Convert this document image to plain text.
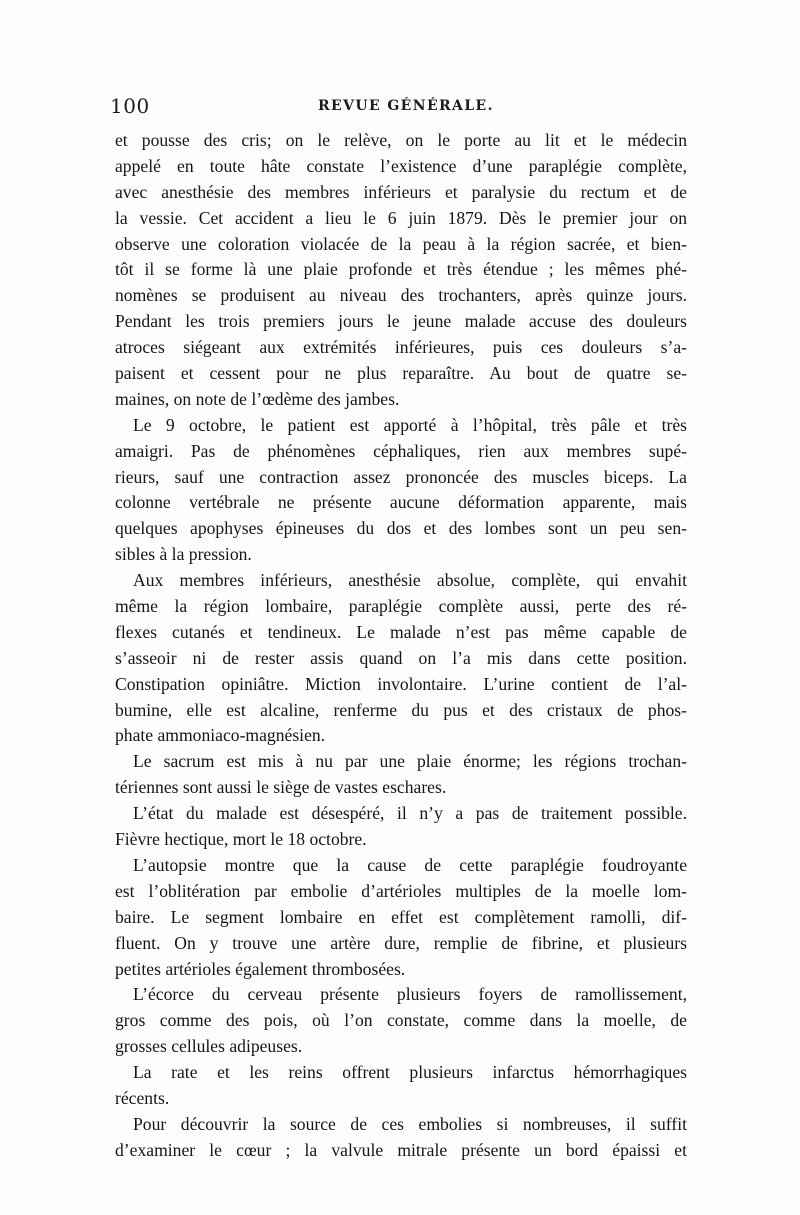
100	REVUE GÉNÉRALE.
et pousse des cris; on le relève, on le porte au lit et le médecin
appelé en toute hâte constate l’existence d’une paraplégie complète,
avec anesthésie des membres inférieurs et paralysie du rectum et de
la vessie. Cet accident a lieu le 6 juin 1879. Dès le premier jour on
observe une coloration violacée de la peau à la région sacrée, et bien-
tôt il se forme là une plaie profonde et très étendue ; les mêmes phé-
nomènes se produisent au niveau des trochanters, après quinze jours.
Pendant les trois premiers jours le jeune malade accuse des douleurs
atroces siégeant aux extrémités inférieures, puis ces douleurs s’a-
paisent et cessent pour ne plus reparaître. Au bout de quatre se-
maines, on note de l’œdème des jambes.
Le 9 octobre, le patient est apporté à l’hôpital, très pâle et très
amaigri. Pas de phénomènes céphaliques, rien aux membres supé-
rieurs, sauf une contraction assez prononcée des muscles biceps. La
colonne vertébrale ne présente aucune déformation apparente, mais
quelques apophyses épineuses du dos et des lombes sont un peu sen-
sibles à la pression.
Aux membres inférieurs, anesthésie absolue, complète, qui envahit
même la région lombaire, paraplégie complète aussi, perte des ré-
flexes cutanés et tendineux. Le malade n’est pas même capable de
s’asseoir ni de rester assis quand on l’a mis dans cette position.
Constipation opiniâtre. Miction involontaire. L’urine contient de l’al-
bumine, elle est alcaline, renferme du pus et des cristaux de phos-
phate ammoniaco-magnésien.
Le sacrum est mis à nu par une plaie énorme; les régions trochan-
tériennes sont aussi le siège de vastes eschares.
L’état du malade est désespéré, il n’y a pas de traitement possible.
Fièvre hectique, mort le 18 octobre.
L’autopsie montre que la cause de cette paraplégie foudroyante
est l’oblitération par embolie d’artérioles multiples de la moelle lom-
baire. Le segment lombaire en effet est complètement ramolli, dif-
fluent. On y trouve une artère dure, remplie de fibrine, et plusieurs
petites artérioles également thrombosées.
L’écorce du cerveau présente plusieurs foyers de ramollissement,
gros comme des pois, où l’on constate, comme dans la moelle, de
grosses cellules adipeuses.
La rate et les reins offrent plusieurs infarctus hémorrhagiques
récents.
Pour découvrir la source de ces embolies si nombreuses, il suffit
d’examiner le cœur ; la valvule mitrale présente un bord épaissi et
